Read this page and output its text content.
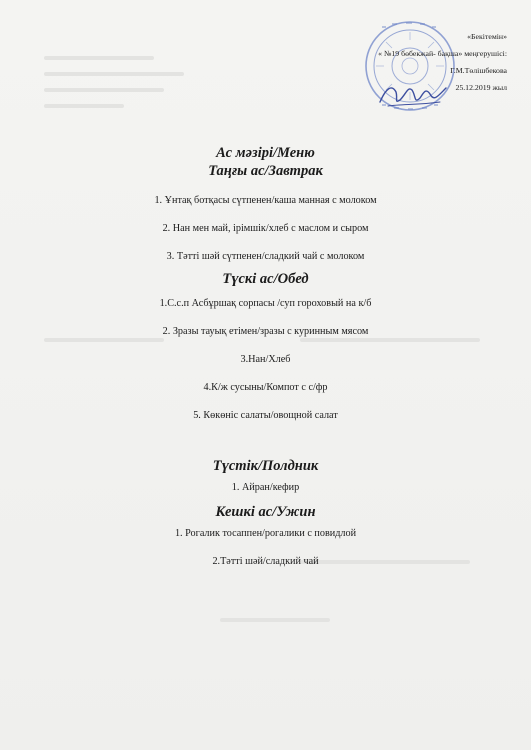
«Бекітемін»
« №19 бөбекжай- бақша» меңгерушісі:
Г.М.Төлішбекова
25.12.2019 жыл
Ас мәзірі/Меню
Таңғы ас/Завтрак

1. Ұнтақ ботқасы сүтпенен/каша манная с молоком

2. Нан мен май, ірімшік/хлеб с маслом и сыром

3. Тәтті шәй сүтпенен/сладкий чай с молоком

Түскі ас/Обед

1.С.с.п Асбұршақ сорпасы /суп гороховый на к/б

2. Зразы тауық етімен/зразы с куринным мясом

3.Нан/Хлеб

4.К/ж сусыны/Компот с с/фр

5. Көкөніс салаты/овощной салат

Түстік/Полдник

1. Айран/кефир

Кешкі ас/Ужин

1. Рогалик тосаппен/рогалики с повидлой

2.Тәтті шәй/сладкий чай
